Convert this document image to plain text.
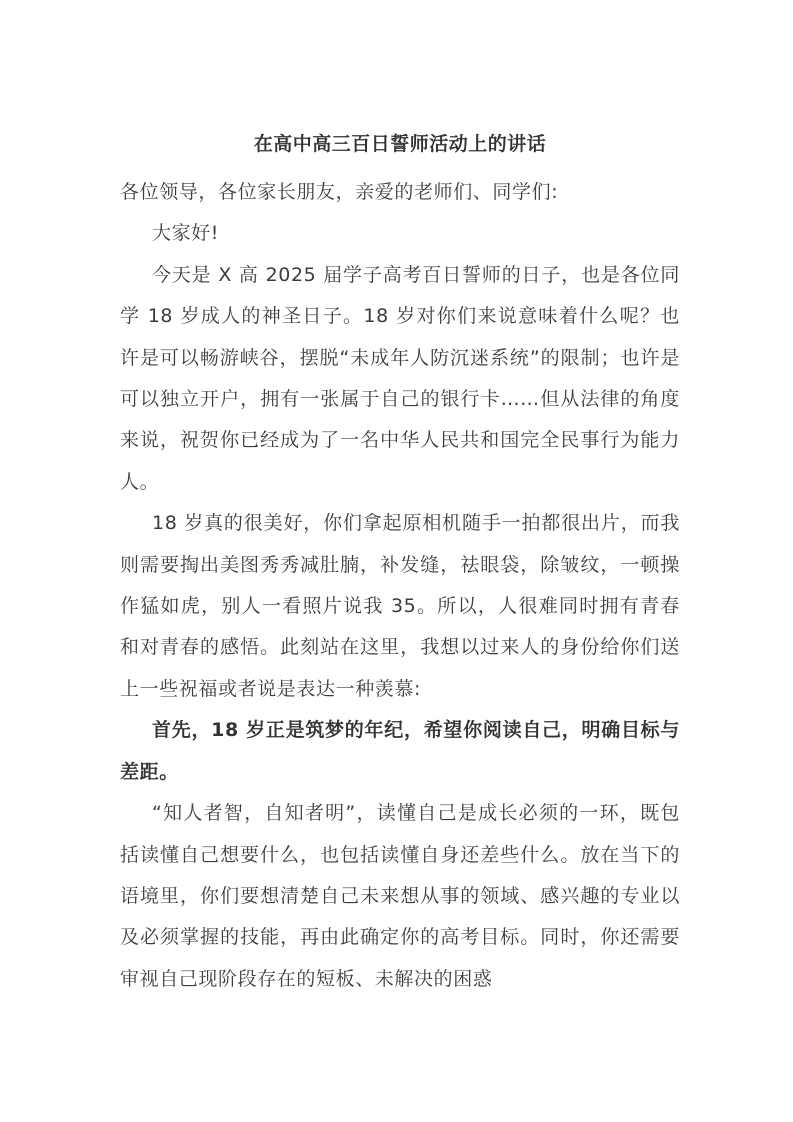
在高中高三百日誓师活动上的讲话

各位领导，各位家长朋友，亲爱的老师们、同学们:

大家好!

今天是 X 高 2025 届学子高考百日誓师的日子，也是各位同学 18 岁成人的神圣日子。18 岁对你们来说意味着什么呢？也许是可以畅游峡谷，摆脱“未成年人防沉迷系统”的限制；也许是可以独立开户，拥有一张属于自己的银行卡……但从法律的角度来说，祝贺你已经成为了一名中华人民共和国完全民事行为能力人。

18 岁真的很美好，你们拿起原相机随手一拍都很出片，而我则需要掏出美图秀秀减肚腩，补发缝，祛眼袋，除皱纹，一顿操作猛如虎，别人一看照片说我 35。所以，人很难同时拥有青春和对青春的感悟。此刻站在这里，我想以过来人的身份给你们送上一些祝福或者说是表达一种羡慕:

首先，18 岁正是筑梦的年纪，希望你阅读自己，明确目标与差距。

“知人者智，自知者明”，读懂自己是成长必须的一环，既包括读懂自己想要什么，也包括读懂自身还差些什么。放在当下的语境里，你们要想清楚自己未来想从事的领域、感兴趣的专业以及必须掌握的技能，再由此确定你的高考目标。同时，你还需要审视自己现阶段存在的短板、未解决的困惑
